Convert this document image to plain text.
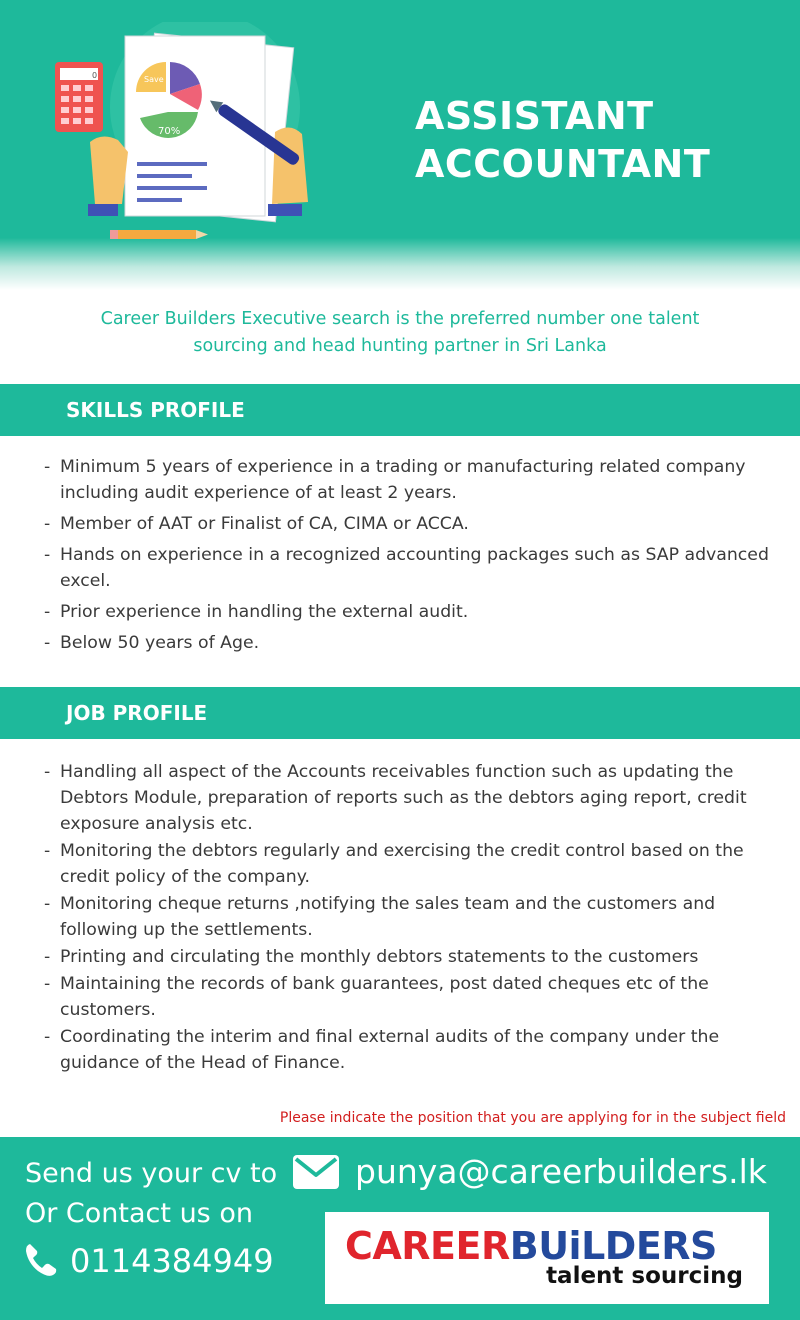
Save
70%
0
ASSISTANT
ACCOUNTANT
Career Builders Executive search is the preferred number one talent
sourcing and head hunting partner in Sri Lanka
SKILLS PROFILE
- Minimum 5 years of experience in a trading or manufacturing related company including audit experience of at least 2 years.
- Member of AAT or Finalist of CA, CIMA or ACCA.
- Hands on experience in a recognized accounting packages such as SAP advanced excel.
- Prior experience in handling the external audit.
- Below 50 years of Age.
JOB PROFILE
- Handling all aspect of the Accounts receivables function such as updating the Debtors Module, preparation of reports such as the debtors aging report, credit exposure analysis etc.
- Monitoring the debtors regularly and exercising the credit control based on the credit policy of the company.
- Monitoring cheque returns ,notifying the sales team and the customers and following up the settlements.
- Printing and circulating the monthly debtors statements to the customers
- Maintaining the records of bank guarantees, post dated cheques etc of the customers.
- Coordinating the interim and final external audits of the company under the guidance of the Head of Finance.
Please indicate the position that you are applying for in the subject field
Send us your cv to punya@careerbuilders.lk
Or Contact us on
0114384949 CAREERBUiLDERS
talent sourcing
